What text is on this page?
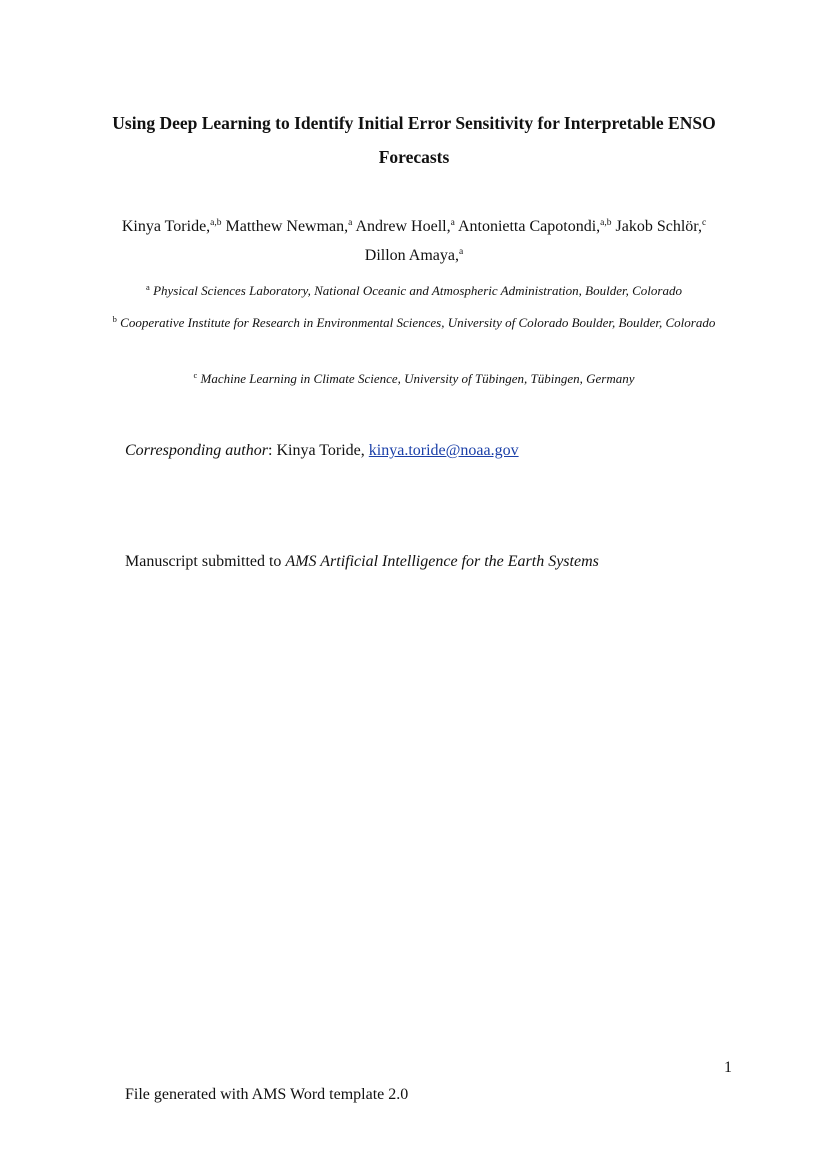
Using Deep Learning to Identify Initial Error Sensitivity for Interpretable ENSO Forecasts
Kinya Toride,$^{a,b}$ Matthew Newman,$^a$ Andrew Hoell,$^a$ Antonietta Capotondi,$^{a,b}$ Jakob Schlör,$^c$
Dillon Amaya,$^a$
$^a$ Physical Sciences Laboratory, National Oceanic and Atmospheric Administration, Boulder, Colorado
$^b$ Cooperative Institute for Research in Environmental Sciences, University of Colorado Boulder, Boulder, Colorado
$^c$ Machine Learning in Climate Science, University of Tübingen, Tübingen, Germany
Corresponding author: Kinya Toride, kinya.toride@noaa.gov
Manuscript submitted to AMS Artificial Intelligence for the Earth Systems
1
File generated with AMS Word template 2.0
